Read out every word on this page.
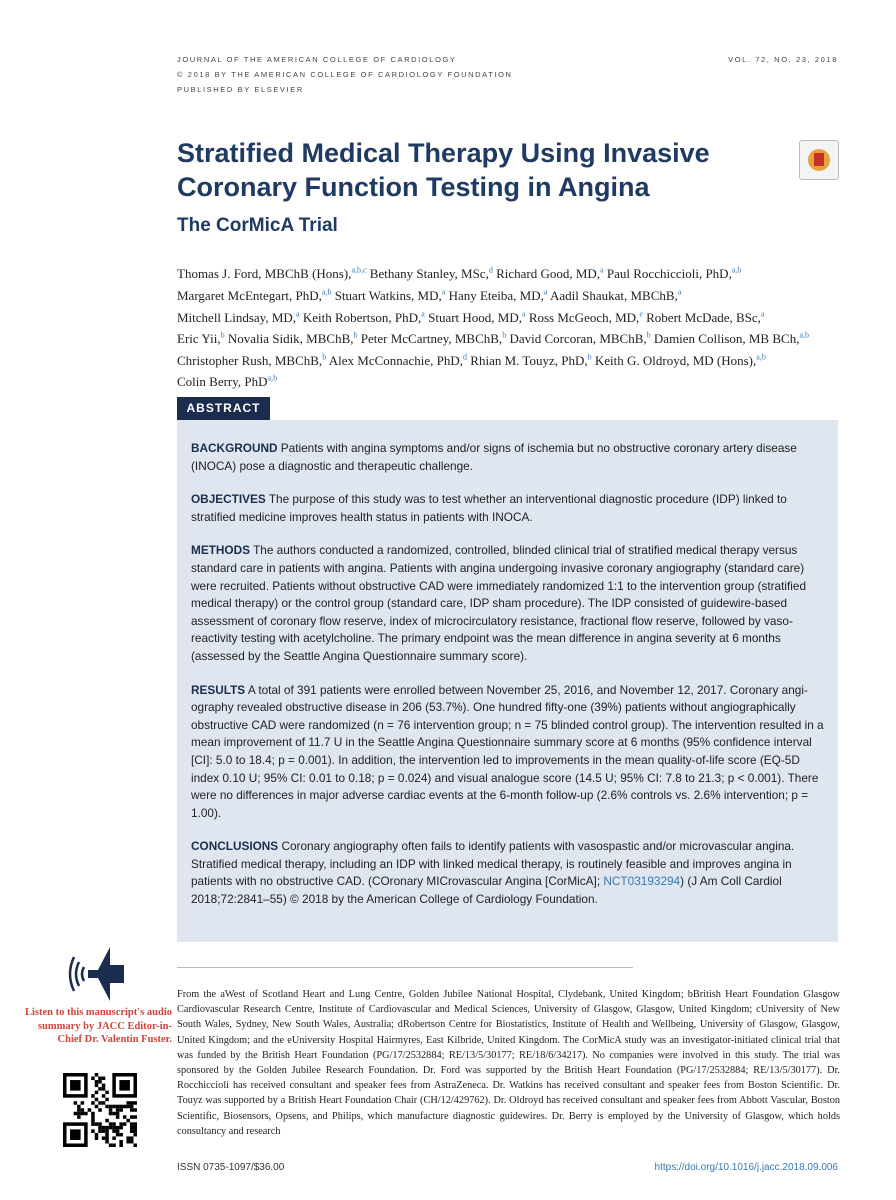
JOURNAL OF THE AMERICAN COLLEGE OF CARDIOLOGY
© 2018 BY THE AMERICAN COLLEGE OF CARDIOLOGY FOUNDATION
PUBLISHED BY ELSEVIER
VOL. 72, NO. 23, 2018
Stratified Medical Therapy Using Invasive Coronary Function Testing in Angina
The CorMicA Trial
Thomas J. Ford, MBChB (Hons),$^{a,b,c}$ Bethany Stanley, MSc,$^d$ Richard Good, MD,$^a$ Paul Rocchiccioli, PhD,$^{a,b}$
Margaret McEntegart, PhD,$^{a,b}$ Stuart Watkins, MD,$^a$ Hany Eteiba, MD,$^a$ Aadil Shaukat, MBChB,$^a$
Mitchell Lindsay, MD,$^a$ Keith Robertson, PhD,$^a$ Stuart Hood, MD,$^a$ Ross McGeoch, MD,$^e$ Robert McDade, BSc,$^a$
Eric Yii,$^b$ Novalia Sidik, MBChB,$^b$ Peter McCartney, MBChB,$^b$ David Corcoran, MBChB,$^b$ Damien Collison, MB BCh,$^{a,b}$
Christopher Rush, MBChB,$^b$ Alex McConnachie, PhD,$^d$ Rhian M. Touyz, PhD,$^b$ Keith G. Oldroyd, MD (Hons),$^{a,b}$
Colin Berry, PhD$^{a,b}$
ABSTRACT
BACKGROUND Patients with angina symptoms and/or signs of ischemia but no obstructive coronary artery disease (INOCA) pose a diagnostic and therapeutic challenge.
OBJECTIVES The purpose of this study was to test whether an interventional diagnostic procedure (IDP) linked to stratified medicine improves health status in patients with INOCA.
METHODS The authors conducted a randomized, controlled, blinded clinical trial of stratified medical therapy versus standard care in patients with angina. Patients with angina undergoing invasive coronary angiography (standard care) were recruited. Patients without obstructive CAD were immediately randomized 1:1 to the intervention group (stratified medical therapy) or the control group (standard care, IDP sham procedure). The IDP consisted of guidewire-based assessment of coronary flow reserve, index of microcirculatory resistance, fractional flow reserve, followed by vaso-reactivity testing with acetylcholine. The primary endpoint was the mean difference in angina severity at 6 months (assessed by the Seattle Angina Questionnaire summary score).
RESULTS A total of 391 patients were enrolled between November 25, 2016, and November 12, 2017. Coronary angi-ography revealed obstructive disease in 206 (53.7%). One hundred fifty-one (39%) patients without angiographically obstructive CAD were randomized (n = 76 intervention group; n = 75 blinded control group). The intervention resulted in a mean improvement of 11.7 U in the Seattle Angina Questionnaire summary score at 6 months (95% confidence interval [CI]: 5.0 to 18.4; p = 0.001). In addition, the intervention led to improvements in the mean quality-of-life score (EQ-5D index 0.10 U; 95% CI: 0.01 to 0.18; p = 0.024) and visual analogue score (14.5 U; 95% CI: 7.8 to 21.3; p < 0.001). There were no differences in major adverse cardiac events at the 6-month follow-up (2.6% controls vs. 2.6% intervention; p = 1.00).
CONCLUSIONS Coronary angiography often fails to identify patients with vasospastic and/or microvascular angina. Stratified medical therapy, including an IDP with linked medical therapy, is routinely feasible and improves angina in patients with no obstructive CAD. (COronary MICrovascular Angina [CorMicA]; NCT03193294) (J Am Coll Cardiol 2018;72:2841–55) © 2018 by the American College of Cardiology Foundation.
Listen to this manuscript's audio summary by JACC Editor-in-Chief Dr. Valentin Fuster.
From the aWest of Scotland Heart and Lung Centre, Golden Jubilee National Hospital, Clydebank, United Kingdom; bBritish Heart Foundation Glasgow Cardiovascular Research Centre, Institute of Cardiovascular and Medical Sciences, University of Glasgow, Glasgow, United Kingdom; cUniversity of New South Wales, Sydney, New South Wales, Australia; dRobertson Centre for Biostatistics, Institute of Health and Wellbeing, University of Glasgow, Glasgow, United Kingdom; and the eUniversity Hospital Hairmyres, East Kilbride, United Kingdom. The CorMicA study was an investigator-initiated clinical trial that was funded by the British Heart Foundation (PG/17/2532884; RE/13/5/30177; RE/18/6/34217). No companies were involved in this study. The trial was sponsored by the Golden Jubilee Research Foundation. Dr. Ford was supported by the British Heart Foundation (PG/17/2532884; RE/13/5/30177). Dr. Rocchiccioli has received consultant and speaker fees from AstraZeneca. Dr. Watkins has received consultant and speaker fees from Boston Scientific. Dr. Touyz was supported by a British Heart Foundation Chair (CH/12/429762). Dr. Oldroyd has received consultant and speaker fees from Abbott Vascular, Boston Scientific, Biosensors, Opsens, and Philips, which manufacture diagnostic guidewires. Dr. Berry is employed by the University of Glasgow, which holds consultancy and research
ISSN 0735-1097/$36.00	https://doi.org/10.1016/j.jacc.2018.09.006
